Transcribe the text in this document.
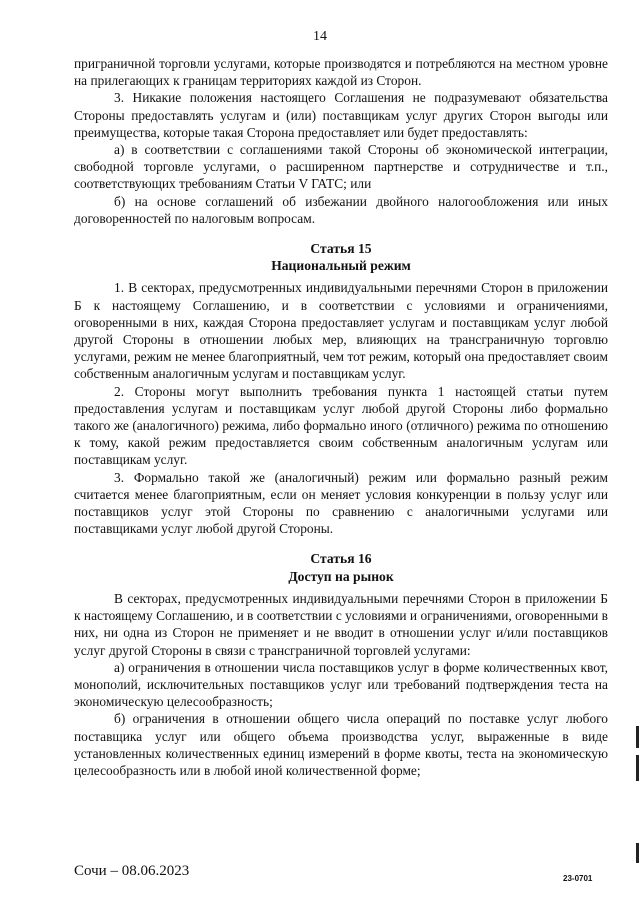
14

приграничной торговли услугами, которые производятся и потребляются на местном уровне на прилегающих к границам территориях каждой из Сторон.

3. Никакие положения настоящего Соглашения не подразумевают обязательства Стороны предоставлять услугам и (или) поставщикам услуг других Сторон выгоды или преимущества, которые такая Сторона предоставляет или будет предоставлять:

а) в соответствии с соглашениями такой Стороны об экономической интеграции, свободной торговле услугами, о расширенном партнерстве и сотрудничестве и т.п., соответствующих требованиям Статьи V ГАТС; или

б) на основе соглашений об избежании двойного налогообложения или иных договоренностей по налоговым вопросам.

Статья 15
Национальный режим

1. В секторах, предусмотренных индивидуальными перечнями Сторон в приложении Б к настоящему Соглашению, и в соответствии с условиями и ограничениями, оговоренными в них, каждая Сторона предоставляет услугам и поставщикам услуг любой другой Стороны в отношении любых мер, влияющих на трансграничную торговлю услугами, режим не менее благоприятный, чем тот режим, который она предоставляет своим собственным аналогичным услугам и поставщикам услуг.

2. Стороны могут выполнить требования пункта 1 настоящей статьи путем предоставления услугам и поставщикам услуг любой другой Стороны либо формально такого же (аналогичного) режима, либо формально иного (отличного) режима по отношению к тому, какой режим предоставляется своим собственным аналогичным услугам или поставщикам услуг.

3. Формально такой же (аналогичный) режим или формально разный режим считается менее благоприятным, если он меняет условия конкуренции в пользу услуг или поставщиков услуг этой Стороны по сравнению с аналогичными услугами или поставщиками услуг любой другой Стороны.

Статья 16
Доступ на рынок

В секторах, предусмотренных индивидуальными перечнями Сторон в приложении Б к настоящему Соглашению, и в соответствии с условиями и ограничениями, оговоренными в них, ни одна из Сторон не применяет и не вводит в отношении услуг и/или поставщиков услуг другой Стороны в связи с трансграничной торговлей услугами:

а) ограничения в отношении числа поставщиков услуг в форме количественных квот, монополий, исключительных поставщиков услуг или требований подтверждения теста на экономическую целесообразность;

б) ограничения в отношении общего числа операций по поставке услуг любого поставщика услуг или общего объема производства услуг, выраженные в виде установленных количественных единиц измерений в форме квоты, теста на экономическую целесообразность или в любой иной количественной форме;

Сочи – 08.06.2023	23-0701
